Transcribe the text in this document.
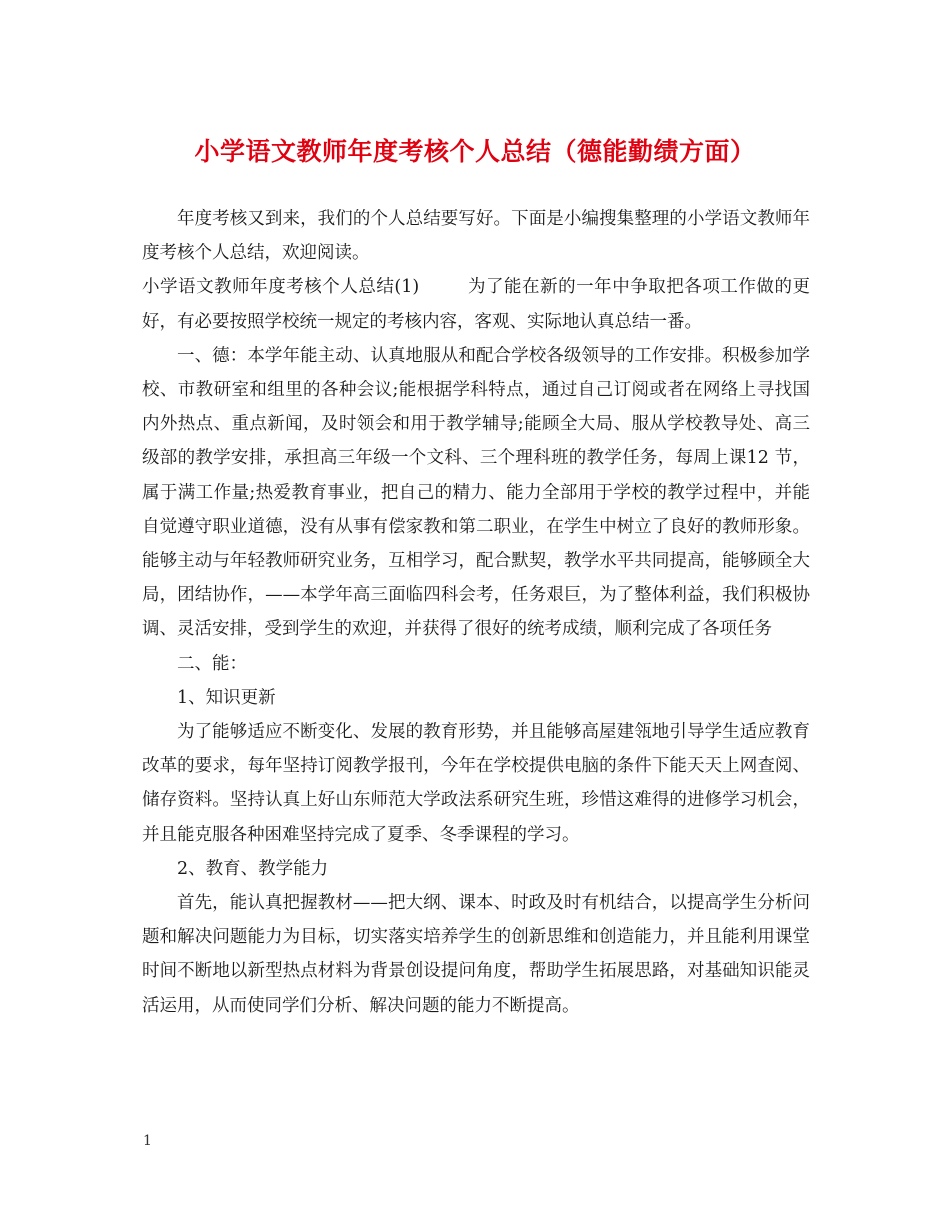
小学语文教师年度考核个人总结（德能勤绩方面）

年度考核又到来，我们的个人总结要写好。下面是小编搜集整理的小学语文教师年度考核个人总结，欢迎阅读。

小学语文教师年度考核个人总结(1)        为了能在新的一年中争取把各项工作做的更好，有必要按照学校统一规定的考核内容，客观、实际地认真总结一番。

一、德：本学年能主动、认真地服从和配合学校各级领导的工作安排。积极参加学校、市教研室和组里的各种会议;能根据学科特点，通过自己订阅或者在网络上寻找国内外热点、重点新闻，及时领会和用于教学辅导;能顾全大局、服从学校教导处、高三级部的教学安排，承担高三年级一个文科、三个理科班的教学任务，每周上课12 节，属于满工作量;热爱教育事业，把自己的精力、能力全部用于学校的教学过程中，并能自觉遵守职业道德，没有从事有偿家教和第二职业，在学生中树立了良好的教师形象。能够主动与年轻教师研究业务，互相学习，配合默契，教学水平共同提高，能够顾全大局，团结协作，——本学年高三面临四科会考，任务艰巨，为了整体利益，我们积极协调、灵活安排，受到学生的欢迎，并获得了很好的统考成绩，顺利完成了各项任务

二、能：

1、知识更新

为了能够适应不断变化、发展的教育形势，并且能够高屋建瓴地引导学生适应教育改革的要求，每年坚持订阅教学报刊，今年在学校提供电脑的条件下能天天上网查阅、储存资料。坚持认真上好山东师范大学政法系研究生班，珍惜这难得的进修学习机会，并且能克服各种困难坚持完成了夏季、冬季课程的学习。

2、教育、教学能力

首先，能认真把握教材——把大纲、课本、时政及时有机结合，以提高学生分析问题和解决问题能力为目标，切实落实培养学生的创新思维和创造能力，并且能利用课堂时间不断地以新型热点材料为背景创设提问角度，帮助学生拓展思路，对基础知识能灵活运用，从而使同学们分析、解决问题的能力不断提高。

1
